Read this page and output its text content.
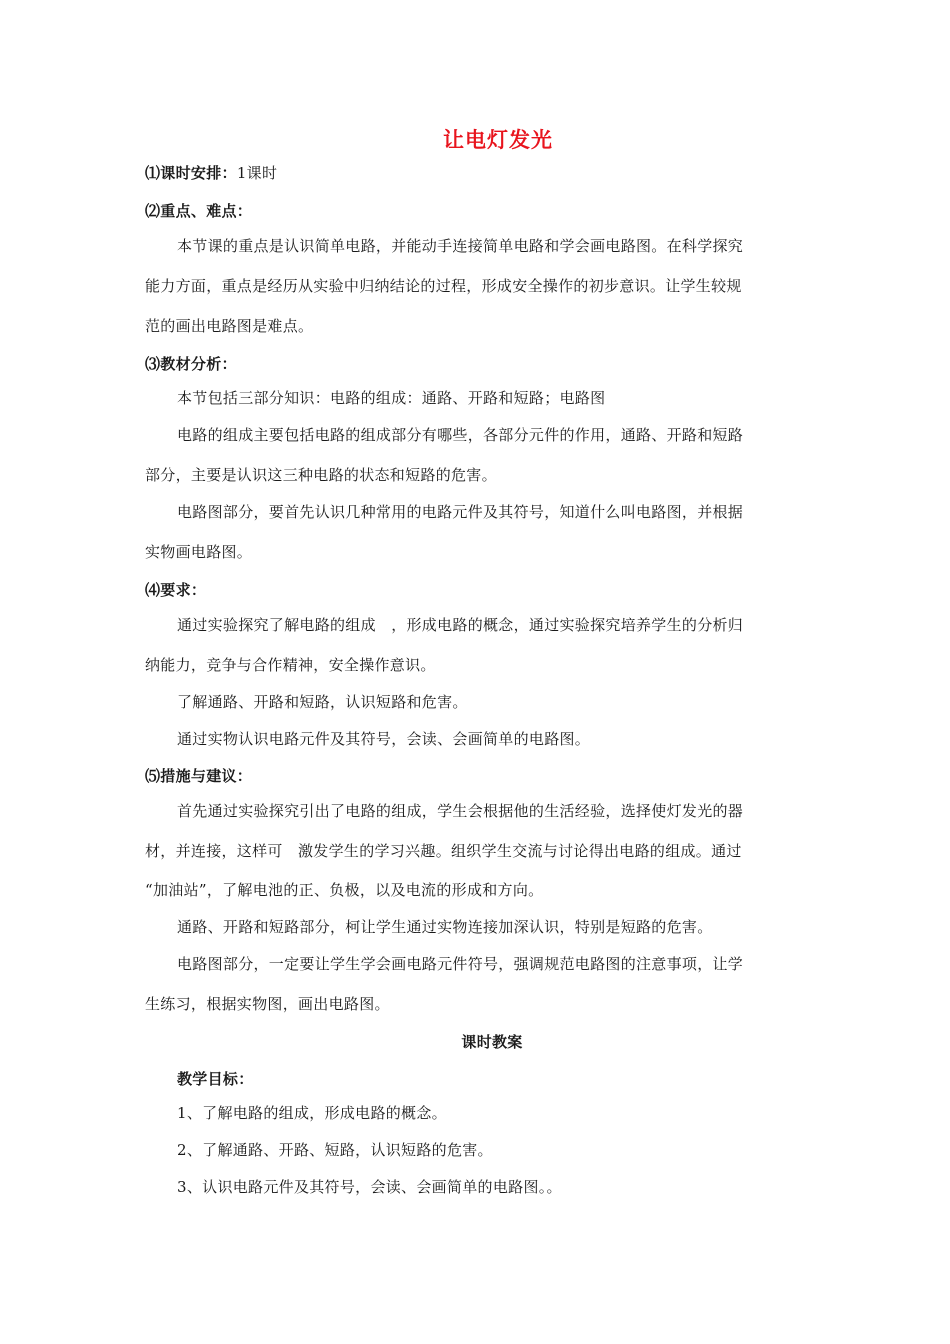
让电灯发光
⑴课时安排：1课时
⑵重点、难点：
本节课的重点是认识简单电路，并能动手连接简单电路和学会画电路图。在科学探究
能力方面，重点是经历从实验中归纳结论的过程，形成安全操作的初步意识。让学生较规
范的画出电路图是难点。
⑶教材分析：
本节包括三部分知识：电路的组成：通路、开路和短路；电路图
电路的组成主要包括电路的组成部分有哪些，各部分元件的作用，通路、开路和短路
部分，主要是认识这三种电路的状态和短路的危害。
电路图部分，要首先认识几种常用的电路元件及其符号，知道什么叫电路图，并根据
实物画电路图。
⑷要求：
通过实验探究了解电路的组成　，形成电路的概念，通过实验探究培养学生的分析归
纳能力，竞争与合作精神，安全操作意识。
了解通路、开路和短路，认识短路和危害。
通过实物认识电路元件及其符号，会读、会画简单的电路图。
⑸措施与建议：
首先通过实验探究引出了电路的组成，学生会根据他的生活经验，选择使灯发光的器
材，并连接，这样可　激发学生的学习兴趣。组织学生交流与讨论得出电路的组成。通过
“加油站”，了解电池的正、负极，以及电流的形成和方向。
通路、开路和短路部分，柯让学生通过实物连接加深认识，特别是短路的危害。
电路图部分，一定要让学生学会画电路元件符号，强调规范电路图的注意事项，让学
生练习，根据实物图，画出电路图。
课时教案
教学目标：
1、了解电路的组成，形成电路的概念。
2、了解通路、开路、短路，认识短路的危害。
3、认识电路元件及其符号，会读、会画简单的电路图。。
